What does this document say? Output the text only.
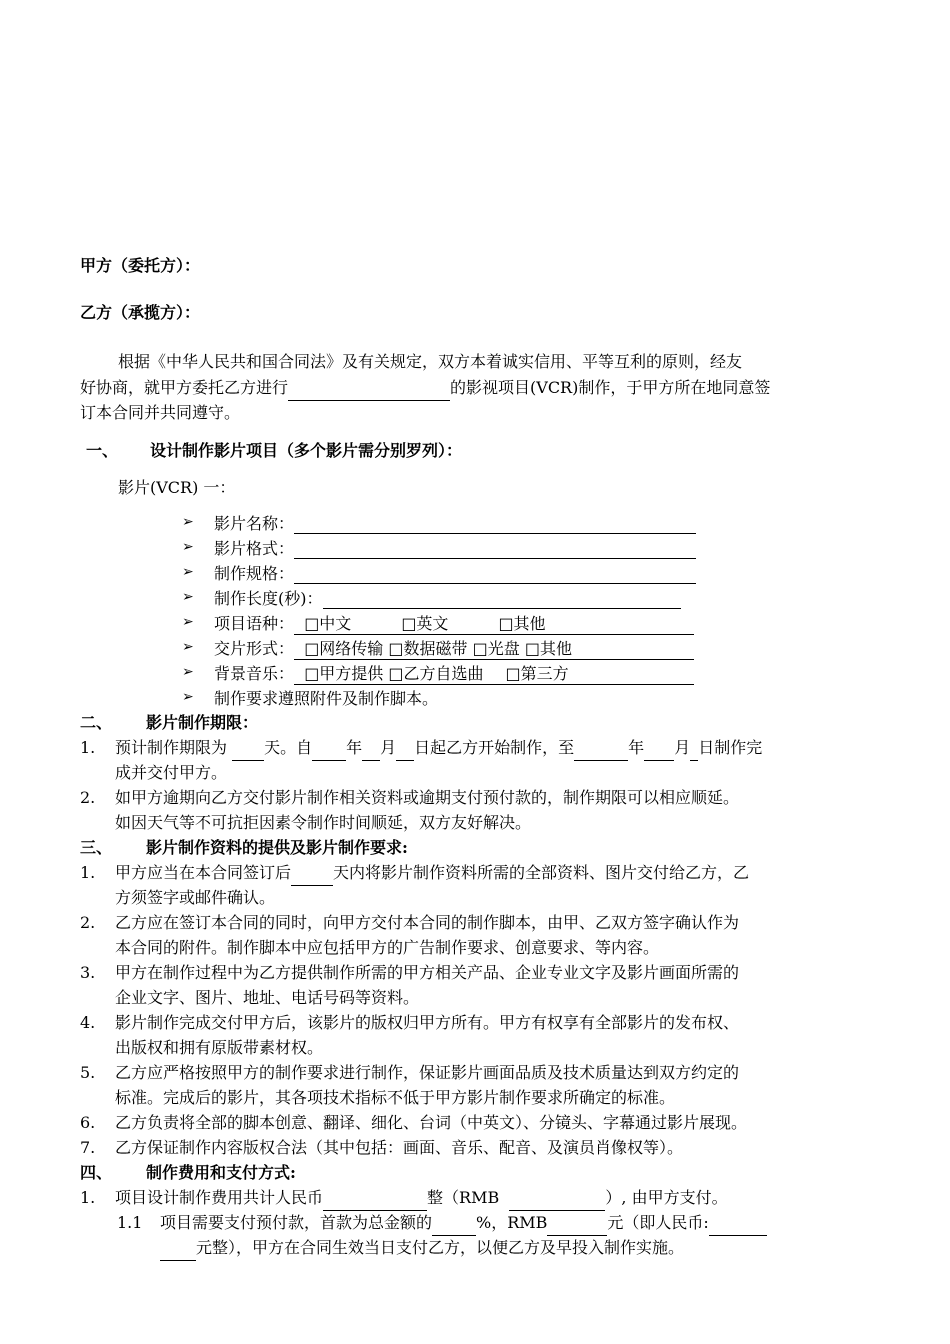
甲方（委托方）：
乙方（承揽方）：
根据《中华人民共和国合同法》及有关规定，双方本着诚实信用、平等互利的原则，经友
好协商，就甲方委托乙方进行	的影视项目(VCR)制作，于甲方所在地同意签
订本合同并共同遵守。
一、 设计制作影片项目（多个影片需分别罗列）：
影片(VCR) 一：
➢ 影片名称：
➢ 影片格式：
➢ 制作规格：
➢ 制作长度(秒)：
➢ 项目语种： □中文	□英文	□其他
➢ 交片形式： □网络传输 □数据磁带 □光盘 □其他
➢ 背景音乐： □甲方提供 □乙方自选曲 □第三方
➢ 制作要求遵照附件及制作脚本。
二、 影片制作期限：
1. 预计制作期限为 天。自 年 月 日起乙方开始制作，至	年 月 日制作完
成并交付甲方。
2. 如甲方逾期向乙方交付影片制作相关资料或逾期支付预付款的，制作期限可以相应顺延。
如因天气等不可抗拒因素令制作时间顺延，双方友好解决。
三、 影片制作资料的提供及影片制作要求:
1. 甲方应当在本合同签订后	天内将影片制作资料所需的全部资料、图片交付给乙方，乙
方须签字或邮件确认。
2. 乙方应在签订本合同的同时，向甲方交付本合同的制作脚本，由甲、乙双方签字确认作为
本合同的附件。制作脚本中应包括甲方的广告制作要求、创意要求、等内容。
3. 甲方在制作过程中为乙方提供制作所需的甲方相关产品、企业专业文字及影片画面所需的
企业文字、图片、地址、电话号码等资料。
4. 影片制作完成交付甲方后，该影片的版权归甲方所有。甲方有权享有全部影片的发布权、
出版权和拥有原版带素材权。
5. 乙方应严格按照甲方的制作要求进行制作，保证影片画面品质及技术质量达到双方约定的
标准。完成后的影片，其各项技术指标不低于甲方影片制作要求所确定的标准。
6. 乙方负责将全部的脚本创意、翻译、细化、台词（中英文）、分镜头、字幕通过影片展现。
7. 乙方保证制作内容版权合法（其中包括：画面、音乐、配音、及演员肖像权等）。
四、 制作费用和支付方式:
1. 项目设计制作费用共计人民币	整（RMB	）, 由甲方支付。
1.1 项目需要支付预付款，首款为总金额的	%，RMB	元（即人民币:
元整），甲方在合同生效当日支付乙方，以便乙方及早投入制作实施。
